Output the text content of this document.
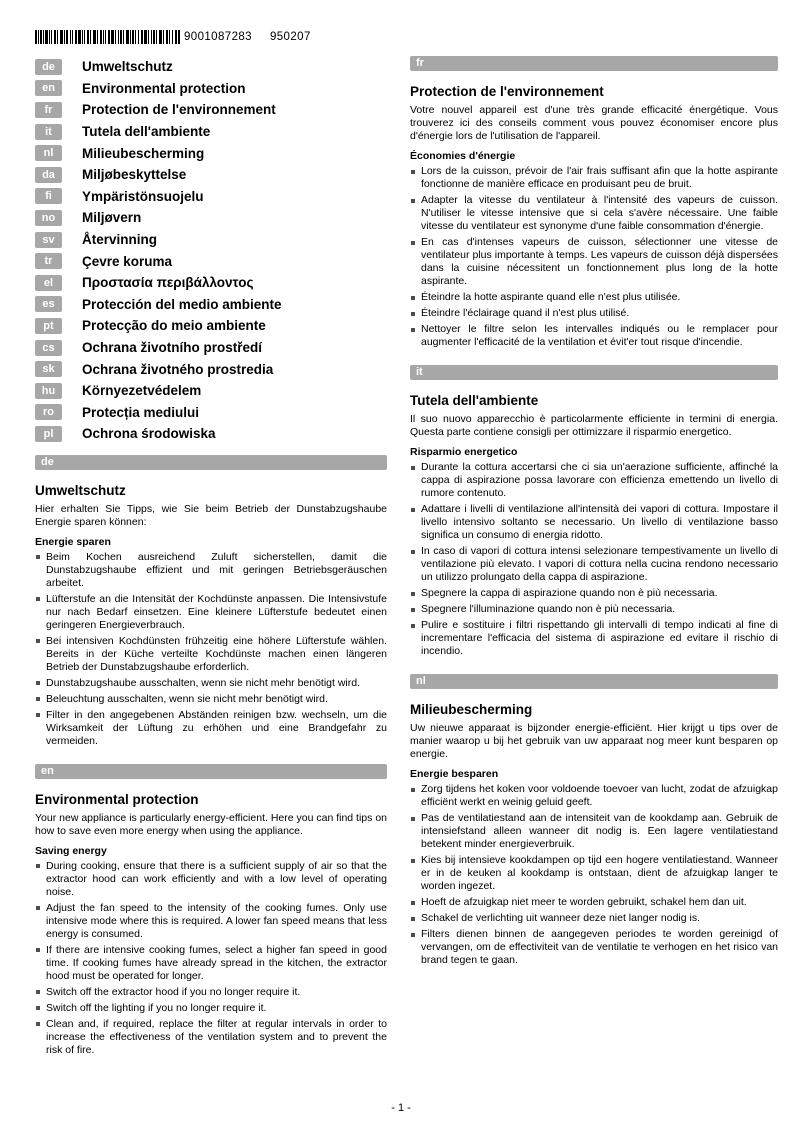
9001087283 950207
de	Umweltschutz
en	Environmental protection
fr	Protection de l'environnement
it	Tutela dell'ambiente
nl	Milieubescherming
da	Miljøbeskyttelse
fi	Ympäristönsuojelu
no	Miljøvern
sv	Återvinning
tr	Çevre koruma
el	Προστασία περιβάλλοντος
es	Protección del medio ambiente
pt	Protecção do meio ambiente
cs	Ochrana životního prostředí
sk	Ochrana životného prostredia
hu	Környezetvédelem
ro	Protecția mediului
pl	Ochrona środowiska
de
Umweltschutz

Hier erhalten Sie Tipps, wie Sie beim Betrieb der Dunstabzugshaube Energie sparen können:

Energie sparen
Beim Kochen ausreichend Zuluft sicherstellen, damit die Dunstabzugshaube effizient und mit geringen Betriebsgeräuschen arbeitet.
Lüfterstufe an die Intensität der Kochdünste anpassen. Die Intensivstufe nur nach Bedarf einsetzen. Eine kleinere Lüfterstufe bedeutet einen geringeren Energieverbrauch.
Bei intensiven Kochdünsten frühzeitig eine höhere Lüfterstufe wählen. Bereits in der Küche verteilte Kochdünste machen einen längeren Betrieb der Dunstabzugshaube erforderlich.
Dunstabzugshaube ausschalten, wenn sie nicht mehr benötigt wird.
Beleuchtung ausschalten, wenn sie nicht mehr benötigt wird.
Filter in den angegebenen Abständen reinigen bzw. wechseln, um die Wirksamkeit der Lüftung zu erhöhen und eine Brandgefahr zu vermeiden.
en
Environmental protection

Your new appliance is particularly energy-efficient. Here you can find tips on how to save even more energy when using the appliance.

Saving energy
During cooking, ensure that there is a sufficient supply of air so that the extractor hood can work efficiently and with a low level of operating noise.
Adjust the fan speed to the intensity of the cooking fumes. Only use intensive mode where this is required. A lower fan speed means that less energy is consumed.
If there are intensive cooking fumes, select a higher fan speed in good time. If cooking fumes have already spread in the kitchen, the extractor hood must be operated for longer.
Switch off the extractor hood if you no longer require it.
Switch off the lighting if you no longer require it.
Clean and, if required, replace the filter at regular intervals in order to increase the effectiveness of the ventilation system and to prevent the risk of fire.
fr
Protection de l'environnement

Votre nouvel appareil est d'une très grande efficacité énergétique. Vous trouverez ici des conseils comment vous pouvez économiser encore plus d'énergie lors de l'utilisation de l'appareil.

Économies d'énergie
Lors de la cuisson, prévoir de l'air frais suffisant afin que la hotte aspirante fonctionne de manière efficace en produisant peu de bruit.
Adapter la vitesse du ventilateur à l'intensité des vapeurs de cuisson. N'utiliser le vitesse intensive que si cela s'avère nécessaire. Une faible vitesse du ventilateur est synonyme d'une faible consommation d'énergie.
En cas d'intenses vapeurs de cuisson, sélectionner une vitesse de ventilateur plus importante à temps. Les vapeurs de cuisson déjà dispersées dans la cuisine nécessitent un fonctionnement plus long de la hotte aspirante.
Éteindre la hotte aspirante quand elle n'est plus utilisée.
Éteindre l'éclairage quand il n'est plus utilisé.
Nettoyer le filtre selon les intervalles indiqués ou le remplacer pour augmenter l'efficacité de la ventilation et évit'er tout risque d'incendie.
it
Tutela dell'ambiente

Il suo nuovo apparecchio è particolarmente efficiente in termini di energia. Questa parte contiene consigli per ottimizzare il risparmio energetico.

Risparmio energetico
Durante la cottura accertarsi che ci sia un'aerazione sufficiente, affinché la cappa di aspirazione possa lavorare con efficienza emettendo un livello di rumore contenuto.
Adattare i livelli di ventilazione all'intensità dei vapori di cottura. Impostare il livello intensivo soltanto se necessario. Un livello di ventilazione basso significa un consumo di energia ridotto.
In caso di vapori di cottura intensi selezionare tempestivamente un livello di ventilazione più elevato. I vapori di cottura nella cucina rendono necessario un utilizzo prolungato della cappa di aspirazione.
Spegnere la cappa di aspirazione quando non è più necessaria.
Spegnere l'illuminazione quando non è più necessaria.
Pulire e sostituire i filtri rispettando gli intervalli di tempo indicati al fine di incrementare l'efficacia del sistema di aspirazione ed evitare il rischio di incendio.
nl
Milieubescherming

Uw nieuwe apparaat is bijzonder energie-efficiënt. Hier krijgt u tips over de manier waarop u bij het gebruik van uw apparaat nog meer kunt besparen op energie.

Energie besparen
Zorg tijdens het koken voor voldoende toevoer van lucht, zodat de afzuigkap efficiënt werkt en weinig geluid geeft.
Pas de ventilatiestand aan de intensiteit van de kookdamp aan. Gebruik de intensiefstand alleen wanneer dit nodig is. Een lagere ventilatiestand betekent minder energieverbruik.
Kies bij intensieve kookdampen op tijd een hogere ventilatiestand. Wanneer er in de keuken al kookdamp is ontstaan, dient de afzuigkap langer te worden ingezet.
Hoeft de afzuigkap niet meer te worden gebruikt, schakel hem dan uit.
Schakel de verlichting uit wanneer deze niet langer nodig is.
Filters dienen binnen de aangegeven periodes te worden gereinigd of vervangen, om de effectiviteit van de ventilatie te verhogen en het risico van brand tegen te gaan.
- 1 -
